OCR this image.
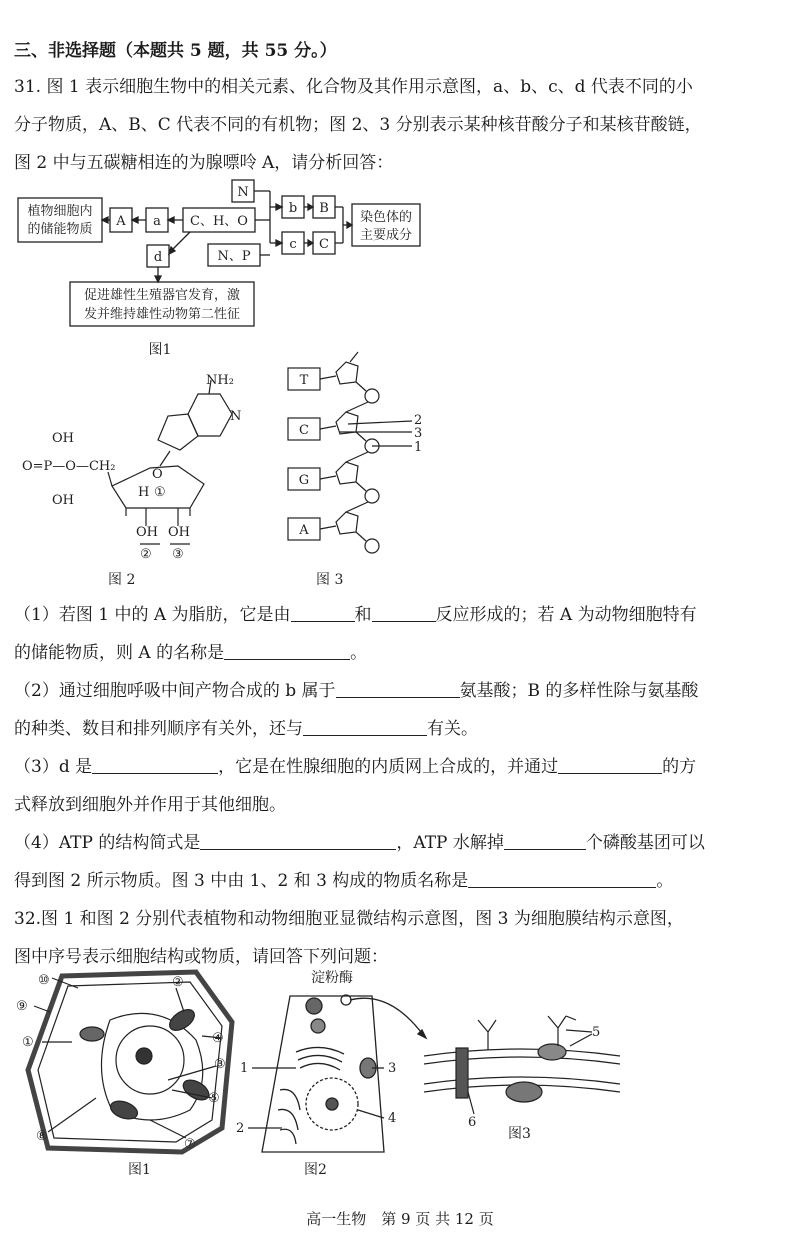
三、非选择题（本题共 5 题，共 55 分。）
31. 图 1 表示细胞生物中的相关元素、化合物及其作用示意图，a、b、c、d 代表不同的小
分子物质，A、B、C 代表不同的有机物；图 2、3 分别表示某种核苷酸分子和某核苷酸链，
图 2 中与五碳糖相连的为腺嘌呤 A，请分析回答：
植物细胞内
的储能物质
A a C、H、O
N
b B
N、P
c C
染色体的
主要成分
d
促进雄性生殖器官发育，激
发并维持雄性动物第二性征
图1
NH₂
OH
O=P—O—CH₂
OH
O
N
H
OH OH
①
② ③
图 2
T
C
G
A
2
3
1
图 3
（1）若图 1 中的 A 为脂肪，它是由	和	反应形成的；若 A 为动物细胞特有
的储能物质，则 A 的名称是	。
（2）通过细胞呼吸中间产物合成的 b 属于	氨基酸；B 的多样性除与氨基酸
的种类、数目和排列顺序有关外，还与	有关。
（3）d 是	，它是在性腺细胞的内质网上合成的，并通过	的方
式释放到细胞外并作用于其他细胞。
（4）ATP 的结构简式是	，ATP 水解掉	个磷酸基团可以
得到图 2 所示物质。图 3 中由 1、2 和 3 构成的物质名称是	。
32.图 1 和图 2 分别代表植物和动物细胞亚显微结构示意图，图 3 为细胞膜结构示意图，
图中序号表示细胞结构或物质，请回答下列问题：
⑩
⑨
①
⑧
②
④
③
⑤
⑦
图1
淀粉酶
1
2
3
4
图2
5
6
图3
高一生物　第 9 页 共 12 页
